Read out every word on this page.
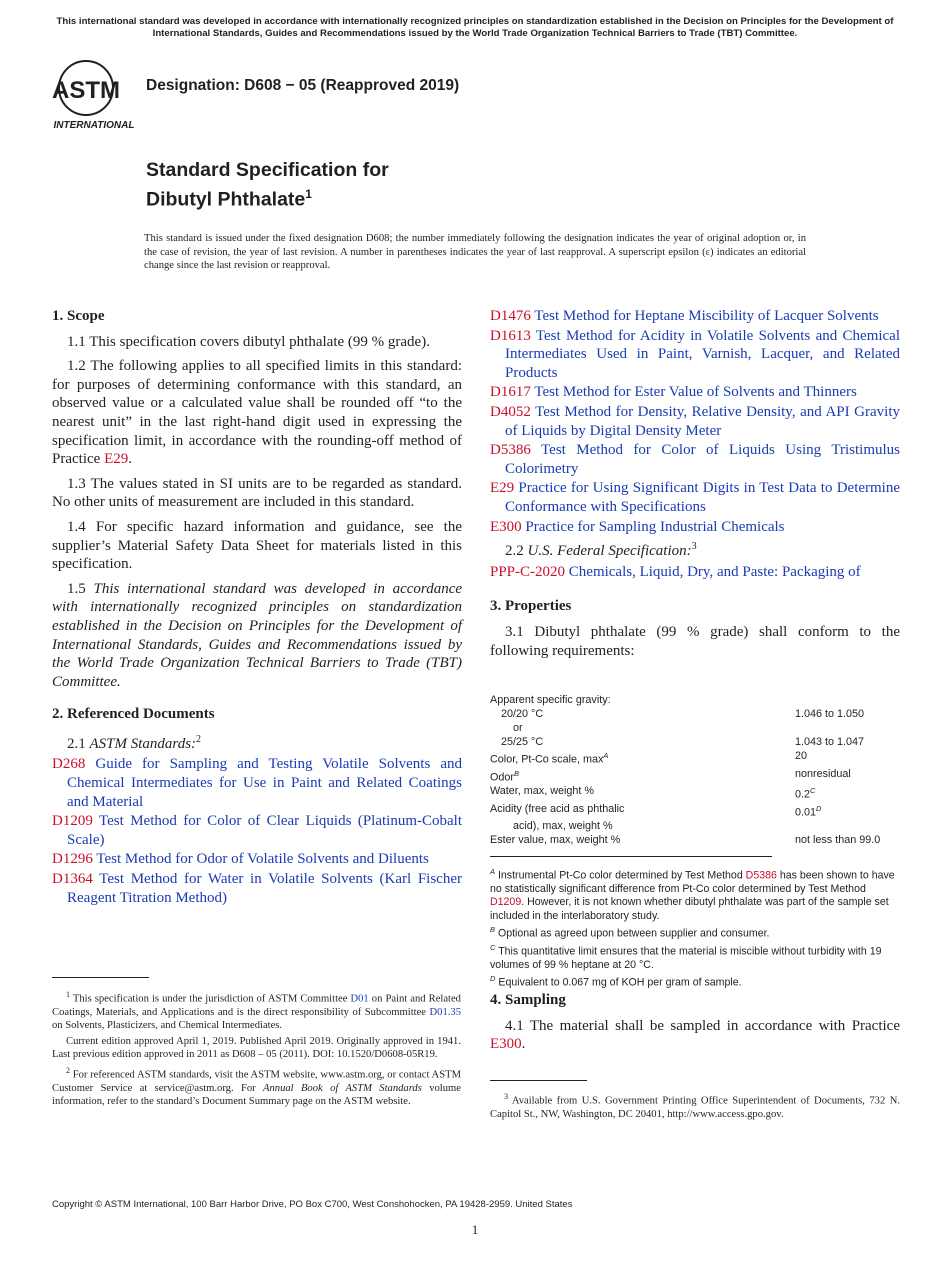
This international standard was developed in accordance with internationally recognized principles on standardization established in the Decision on Principles for the Development of International Standards, Guides and Recommendations issued by the World Trade Organization Technical Barriers to Trade (TBT) Committee.
ASTM
INTERNATIONAL
Designation: D608 − 05 (Reapproved 2019)
Standard Specification for
Dibutyl Phthalate$^1$
This standard is issued under the fixed designation D608; the number immediately following the designation indicates the year of original adoption or, in the case of revision, the year of last revision. A number in parentheses indicates the year of last reapproval. A superscript epsilon (ε) indicates an editorial change since the last revision or reapproval.
1. Scope

1.1 This specification covers dibutyl phthalate (99 % grade).

1.2 The following applies to all specified limits in this standard: for purposes of determining conformance with this standard, an observed value or a calculated value shall be rounded off “to the nearest unit” in the last right-hand digit used in expressing the specification limit, in accordance with the rounding-off method of Practice E29.

1.3 The values stated in SI units are to be regarded as standard. No other units of measurement are included in this standard.

1.4 For specific hazard information and guidance, see the supplier’s Material Safety Data Sheet for materials listed in this specification.

1.5 This international standard was developed in accordance with internationally recognized principles on standardization established in the Decision on Principles for the Development of International Standards, Guides and Recommendations issued by the World Trade Organization Technical Barriers to Trade (TBT) Committee.

2. Referenced Documents
2.1 ASTM Standards:$^2$
D268 Guide for Sampling and Testing Volatile Solvents and Chemical Intermediates for Use in Paint and Related Coatings and Material
D1209 Test Method for Color of Clear Liquids (Platinum-Cobalt Scale)
D1296 Test Method for Odor of Volatile Solvents and Diluents
D1364 Test Method for Water in Volatile Solvents (Karl Fischer Reagent Titration Method)

$^1$ This specification is under the jurisdiction of ASTM Committee D01 on Paint and Related Coatings, Materials, and Applications and is the direct responsibility of Subcommittee D01.35 on Solvents, Plasticizers, and Chemical Intermediates.

Current edition approved April 1, 2019. Published April 2019. Originally approved in 1941. Last previous edition approved in 2011 as D608 – 05 (2011). DOI: 10.1520/D0608-05R19.

$^2$ For referenced ASTM standards, visit the ASTM website, www.astm.org, or contact ASTM Customer Service at service@astm.org. For Annual Book of ASTM Standards volume information, refer to the standard’s Document Summary page on the ASTM website.

D1476 Test Method for Heptane Miscibility of Lacquer Solvents
D1613 Test Method for Acidity in Volatile Solvents and Chemical Intermediates Used in Paint, Varnish, Lacquer, and Related Products
D1617 Test Method for Ester Value of Solvents and Thinners
D4052 Test Method for Density, Relative Density, and API Gravity of Liquids by Digital Density Meter
D5386 Test Method for Color of Liquids Using Tristimulus Colorimetry
E29 Practice for Using Significant Digits in Test Data to Determine Conformance with Specifications
E300 Practice for Sampling Industrial Chemicals
2.2 U.S. Federal Specification:$^3$
PPP-C-2020 Chemicals, Liquid, Dry, and Paste: Packaging of
3. Properties

3.1 Dibutyl phthalate (99 % grade) shall conform to the following requirements:

Apparent specific gravity:	
20/20 °C	1.046 to 1.050
or	
25/25 °C	1.043 to 1.047
Color, Pt-Co scale, $\max^A$	20
Odor$^B$	nonresidual
Water, max, weight %	$0.2^C$
Acidity (free acid as phthalic	$0.01^D$
acid), max, weight %	
Ester value, max, weight %	not less than 99.0

$^A$ Instrumental Pt-Co color determined by Test Method D5386 has been shown to have no statistically significant difference from Pt-Co color determined by Test Method D1209. However, it is not known whether dibutyl phthalate was part of the sample set included in the interlaboratory study.

$^B$ Optional as agreed upon between supplier and consumer.

$^C$ This quantitative limit ensures that the material is miscible without turbidity with 19 volumes of 99 % heptane at 20 °C.

$^D$ Equivalent to 0.067 mg of KOH per gram of sample.

4. Sampling

4.1 The material shall be sampled in accordance with Practice E300.

$^3$ Available from U.S. Government Printing Office Superintendent of Documents, 732 N. Capitol St., NW, Washington, DC 20401, http://www.access.gpo.gov.

Copyright © ASTM International, 100 Barr Harbor Drive, PO Box C700, West Conshohocken, PA 19428-2959. United States
1
